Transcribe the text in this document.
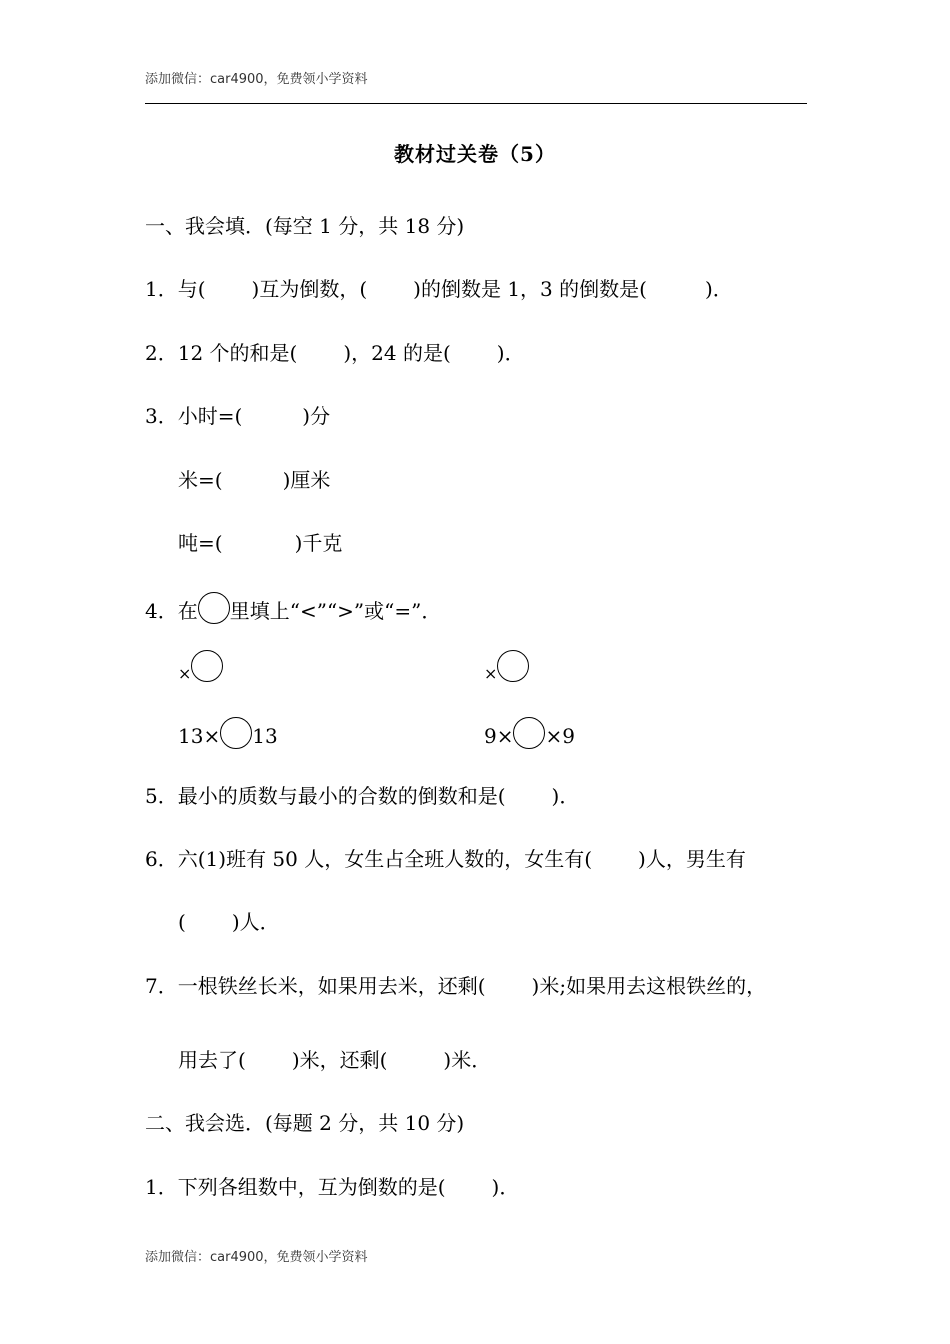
添加微信：car4900，免费领小学资料
教材过关卷（5）
一、我会填．(每空 1 分，共 18 分)
1．与( )互为倒数，( )的倒数是 1，3 的倒数是(	)．
2．12 个的和是( )，24 的是( )．
3．小时=(	)分
米=(	)厘米
吨=(	)千克
4．在 里填上“<”“>”或“=”．
×	×
13× 13	9× ×9
5．最小的质数与最小的合数的倒数和是( )．
6．六(1)班有 50 人，女生占全班人数的，女生有( )人，男生有
( )人．
7．一根铁丝长米，如果用去米，还剩( )米;如果用去这根铁丝的，
用去了( )米，还剩(	)米．
二、我会选．(每题 2 分，共 10 分)
1．下列各组数中，互为倒数的是( )．
添加微信：car4900，免费领小学资料
